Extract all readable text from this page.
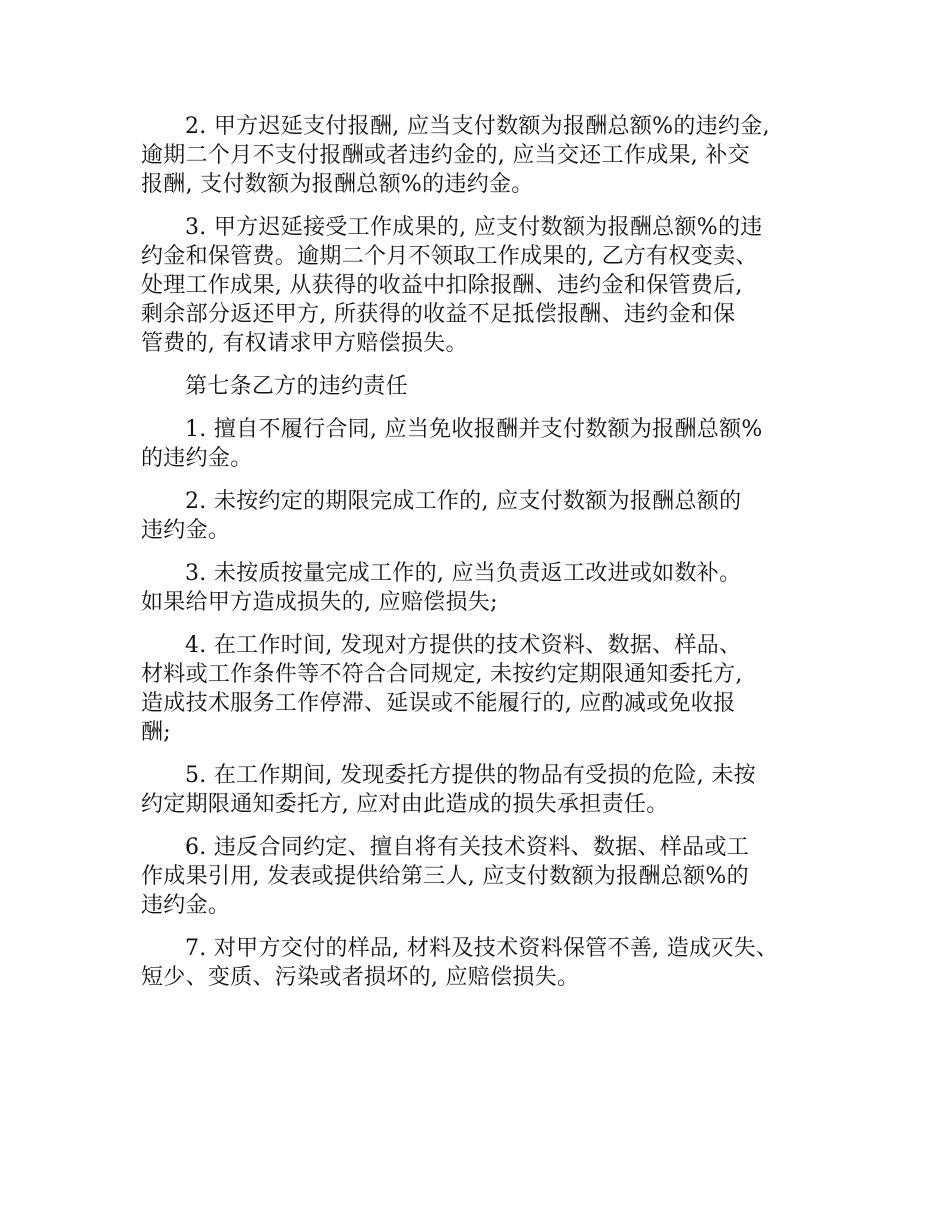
2. 甲方迟延支付报酬, 应当支付数额为报酬总额%的违约金,
逾期二个月不支付报酬或者违约金的, 应当交还工作成果, 补交
报酬, 支付数额为报酬总额%的违约金。

3. 甲方迟延接受工作成果的, 应支付数额为报酬总额%的违
约金和保管费。逾期二个月不领取工作成果的, 乙方有权变卖、
处理工作成果, 从获得的收益中扣除报酬、违约金和保管费后,
剩余部分返还甲方, 所获得的收益不足抵偿报酬、违约金和保
管费的, 有权请求甲方赔偿损失。

第七条乙方的违约责任

1. 擅自不履行合同, 应当免收报酬并支付数额为报酬总额%
的违约金。

2. 未按约定的期限完成工作的, 应支付数额为报酬总额的
违约金。

3. 未按质按量完成工作的, 应当负责返工改进或如数补。
如果给甲方造成损失的, 应赔偿损失;

4. 在工作时间, 发现对方提供的技术资料、数据、样品、
材料或工作条件等不符合合同规定, 未按约定期限通知委托方,
造成技术服务工作停滞、延误或不能履行的, 应酌减或免收报
酬;

5. 在工作期间, 发现委托方提供的物品有受损的危险, 未按
约定期限通知委托方, 应对由此造成的损失承担责任。

6. 违反合同约定、擅自将有关技术资料、数据、样品或工
作成果引用, 发表或提供给第三人, 应支付数额为报酬总额%的
违约金。

7. 对甲方交付的样品, 材料及技术资料保管不善, 造成灭失、
短少、变质、污染或者损坏的, 应赔偿损失。
